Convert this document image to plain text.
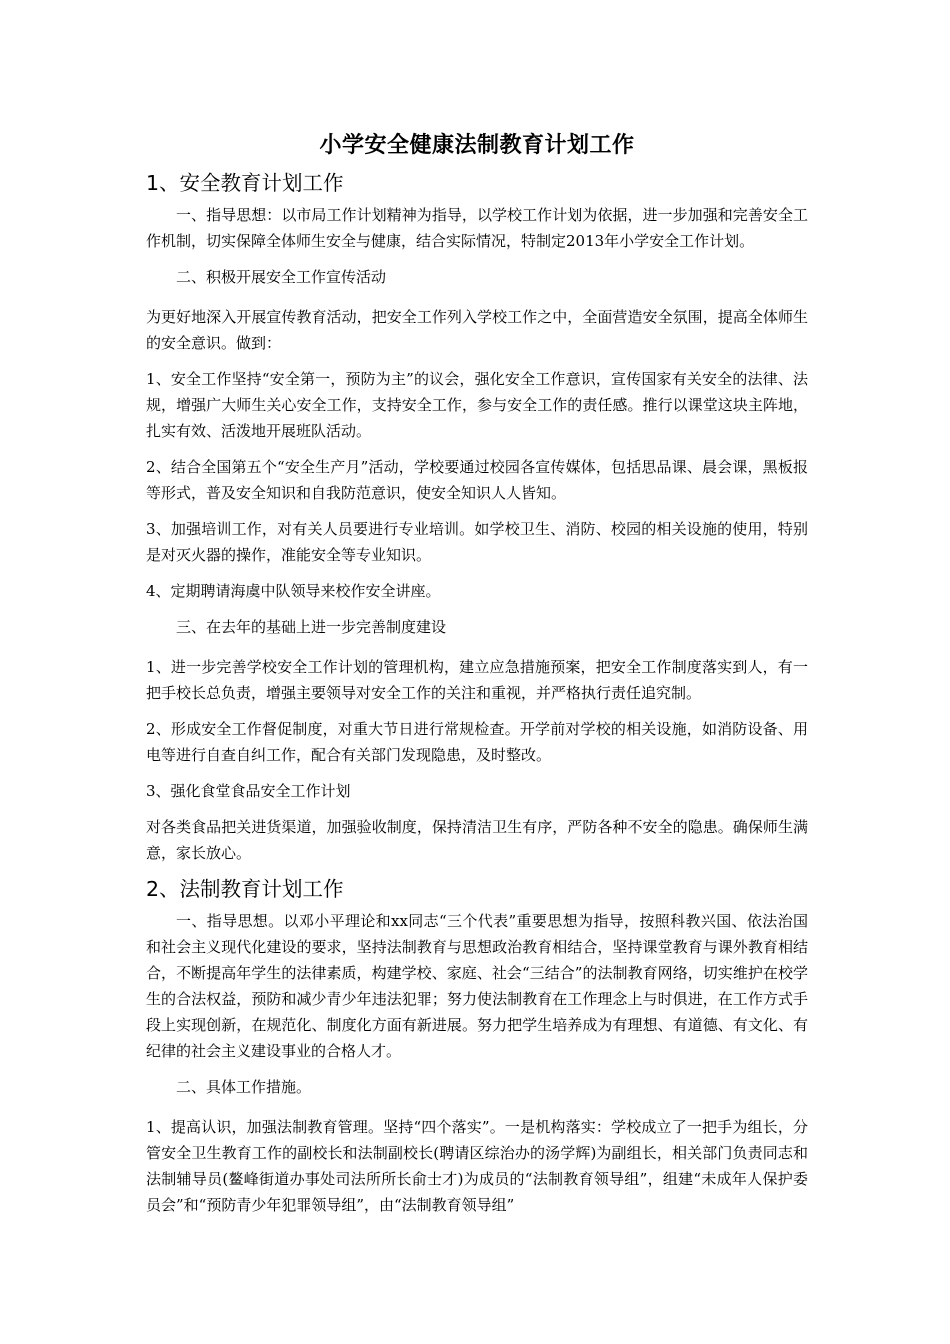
小学安全健康法制教育计划工作
1、安全教育计划工作

一、指导思想：以市局工作计划精神为指导，以学校工作计划为依据，进一步加强和完善安全工作机制，切实保障全体师生安全与健康，结合实际情况，特制定2013年小学安全工作计划。

二、积极开展安全工作宣传活动

为更好地深入开展宣传教育活动，把安全工作列入学校工作之中，全面营造安全氛围，提高全体师生的安全意识。做到：

1、安全工作坚持“安全第一，预防为主”的议会，强化安全工作意识，宣传国家有关安全的法律、法规，增强广大师生关心安全工作，支持安全工作，参与安全工作的责任感。推行以课堂这块主阵地，扎实有效、活泼地开展班队活动。

2、结合全国第五个“安全生产月”活动，学校要通过校园各宣传媒体，包括思品课、晨会课，黑板报等形式，普及安全知识和自我防范意识，使安全知识人人皆知。

3、加强培训工作，对有关人员要进行专业培训。如学校卫生、消防、校园的相关设施的使用，特别是对灭火器的操作，准能安全等专业知识。

4、定期聘请海虞中队领导来校作安全讲座。

三、在去年的基础上进一步完善制度建设

1、进一步完善学校安全工作计划的管理机构，建立应急措施预案，把安全工作制度落实到人，有一把手校长总负责，增强主要领导对安全工作的关注和重视，并严格执行责任追究制。

2、形成安全工作督促制度，对重大节日进行常规检查。开学前对学校的相关设施，如消防设备、用电等进行自查自纠工作，配合有关部门发现隐患，及时整改。

3、强化食堂食品安全工作计划

对各类食品把关进货渠道，加强验收制度，保持清洁卫生有序，严防各种不安全的隐患。确保师生满意，家长放心。

2、法制教育计划工作

一、指导思想。以邓小平理论和xx同志“三个代表”重要思想为指导，按照科教兴国、依法治国和社会主义现代化建设的要求，坚持法制教育与思想政治教育相结合，坚持课堂教育与课外教育相结合，不断提高年学生的法律素质，构建学校、家庭、社会“三结合”的法制教育网络，切实维护在校学生的合法权益，预防和减少青少年违法犯罪；努力使法制教育在工作理念上与时俱进，在工作方式手段上实现创新，在规范化、制度化方面有新进展。努力把学生培养成为有理想、有道德、有文化、有纪律的社会主义建设事业的合格人才。

二、具体工作措施。

1、提高认识，加强法制教育管理。坚持“四个落实”。一是机构落实：学校成立了一把手为组长，分管安全卫生教育工作的副校长和法制副校长(聘请区综治办的汤学辉)为副组长，相关部门负责同志和法制辅导员(鳌峰街道办事处司法所所长俞士才)为成员的“法制教育领导组”，组建“未成年人保护委员会”和“预防青少年犯罪领导组”，由“法制教育领导组”
